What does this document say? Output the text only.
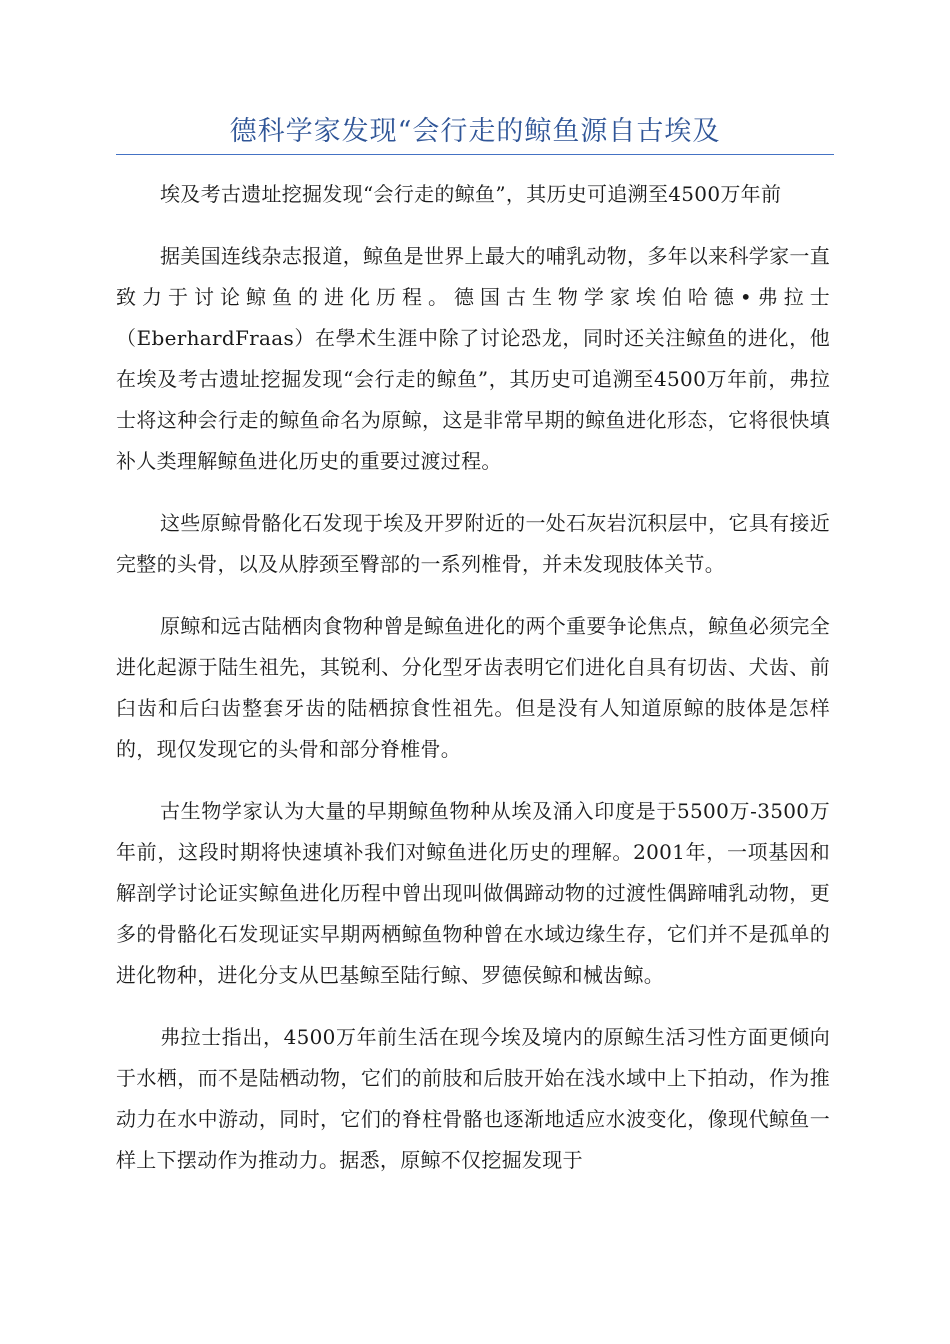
德科学家发现“会行走的鲸鱼源自古埃及

埃及考古遗址挖掘发现“会行走的鲸鱼”，其历史可追溯至4500万年前

据美国连线杂志报道，鲸鱼是世界上最大的哺乳动物，多年以来科学家一直致力于讨论鲸鱼的进化历程。德国古生物学家埃伯哈德•弗拉士（EberhardFraas）在學术生涯中除了讨论恐龙，同时还关注鲸鱼的进化，他在埃及考古遗址挖掘发现“会行走的鲸鱼”，其历史可追溯至4500万年前，弗拉士将这种会行走的鲸鱼命名为原鲸，这是非常早期的鲸鱼进化形态，它将很快填补人类理解鲸鱼进化历史的重要过渡过程。

这些原鲸骨骼化石发现于埃及开罗附近的一处石灰岩沉积层中，它具有接近完整的头骨，以及从脖颈至臀部的一系列椎骨，并未发现肢体关节。

原鲸和远古陆栖肉食物种曾是鲸鱼进化的两个重要争论焦点，鲸鱼必须完全进化起源于陆生祖先，其锐利、分化型牙齿表明它们进化自具有切齿、犬齿、前臼齿和后臼齿整套牙齿的陆栖掠食性祖先。但是没有人知道原鲸的肢体是怎样的，现仅发现它的头骨和部分脊椎骨。

古生物学家认为大量的早期鲸鱼物种从埃及涌入印度是于5500万-3500万年前，这段时期将快速填补我们对鲸鱼进化历史的理解。2001年，一项基因和解剖学讨论证实鲸鱼进化历程中曾出现叫做偶蹄动物的过渡性偶蹄哺乳动物，更多的骨骼化石发现证实早期两栖鲸鱼物种曾在水域边缘生存，它们并不是孤单的进化物种，进化分支从巴基鲸至陆行鲸、罗德侯鲸和械齿鲸。

弗拉士指出，4500万年前生活在现今埃及境内的原鲸生活习性方面更倾向于水栖，而不是陆栖动物，它们的前肢和后肢开始在浅水域中上下拍动，作为推动力在水中游动，同时，它们的脊柱骨骼也逐渐地适应水波变化，像现代鲸鱼一样上下摆动作为推动力。据悉，原鲸不仅挖掘发现于
